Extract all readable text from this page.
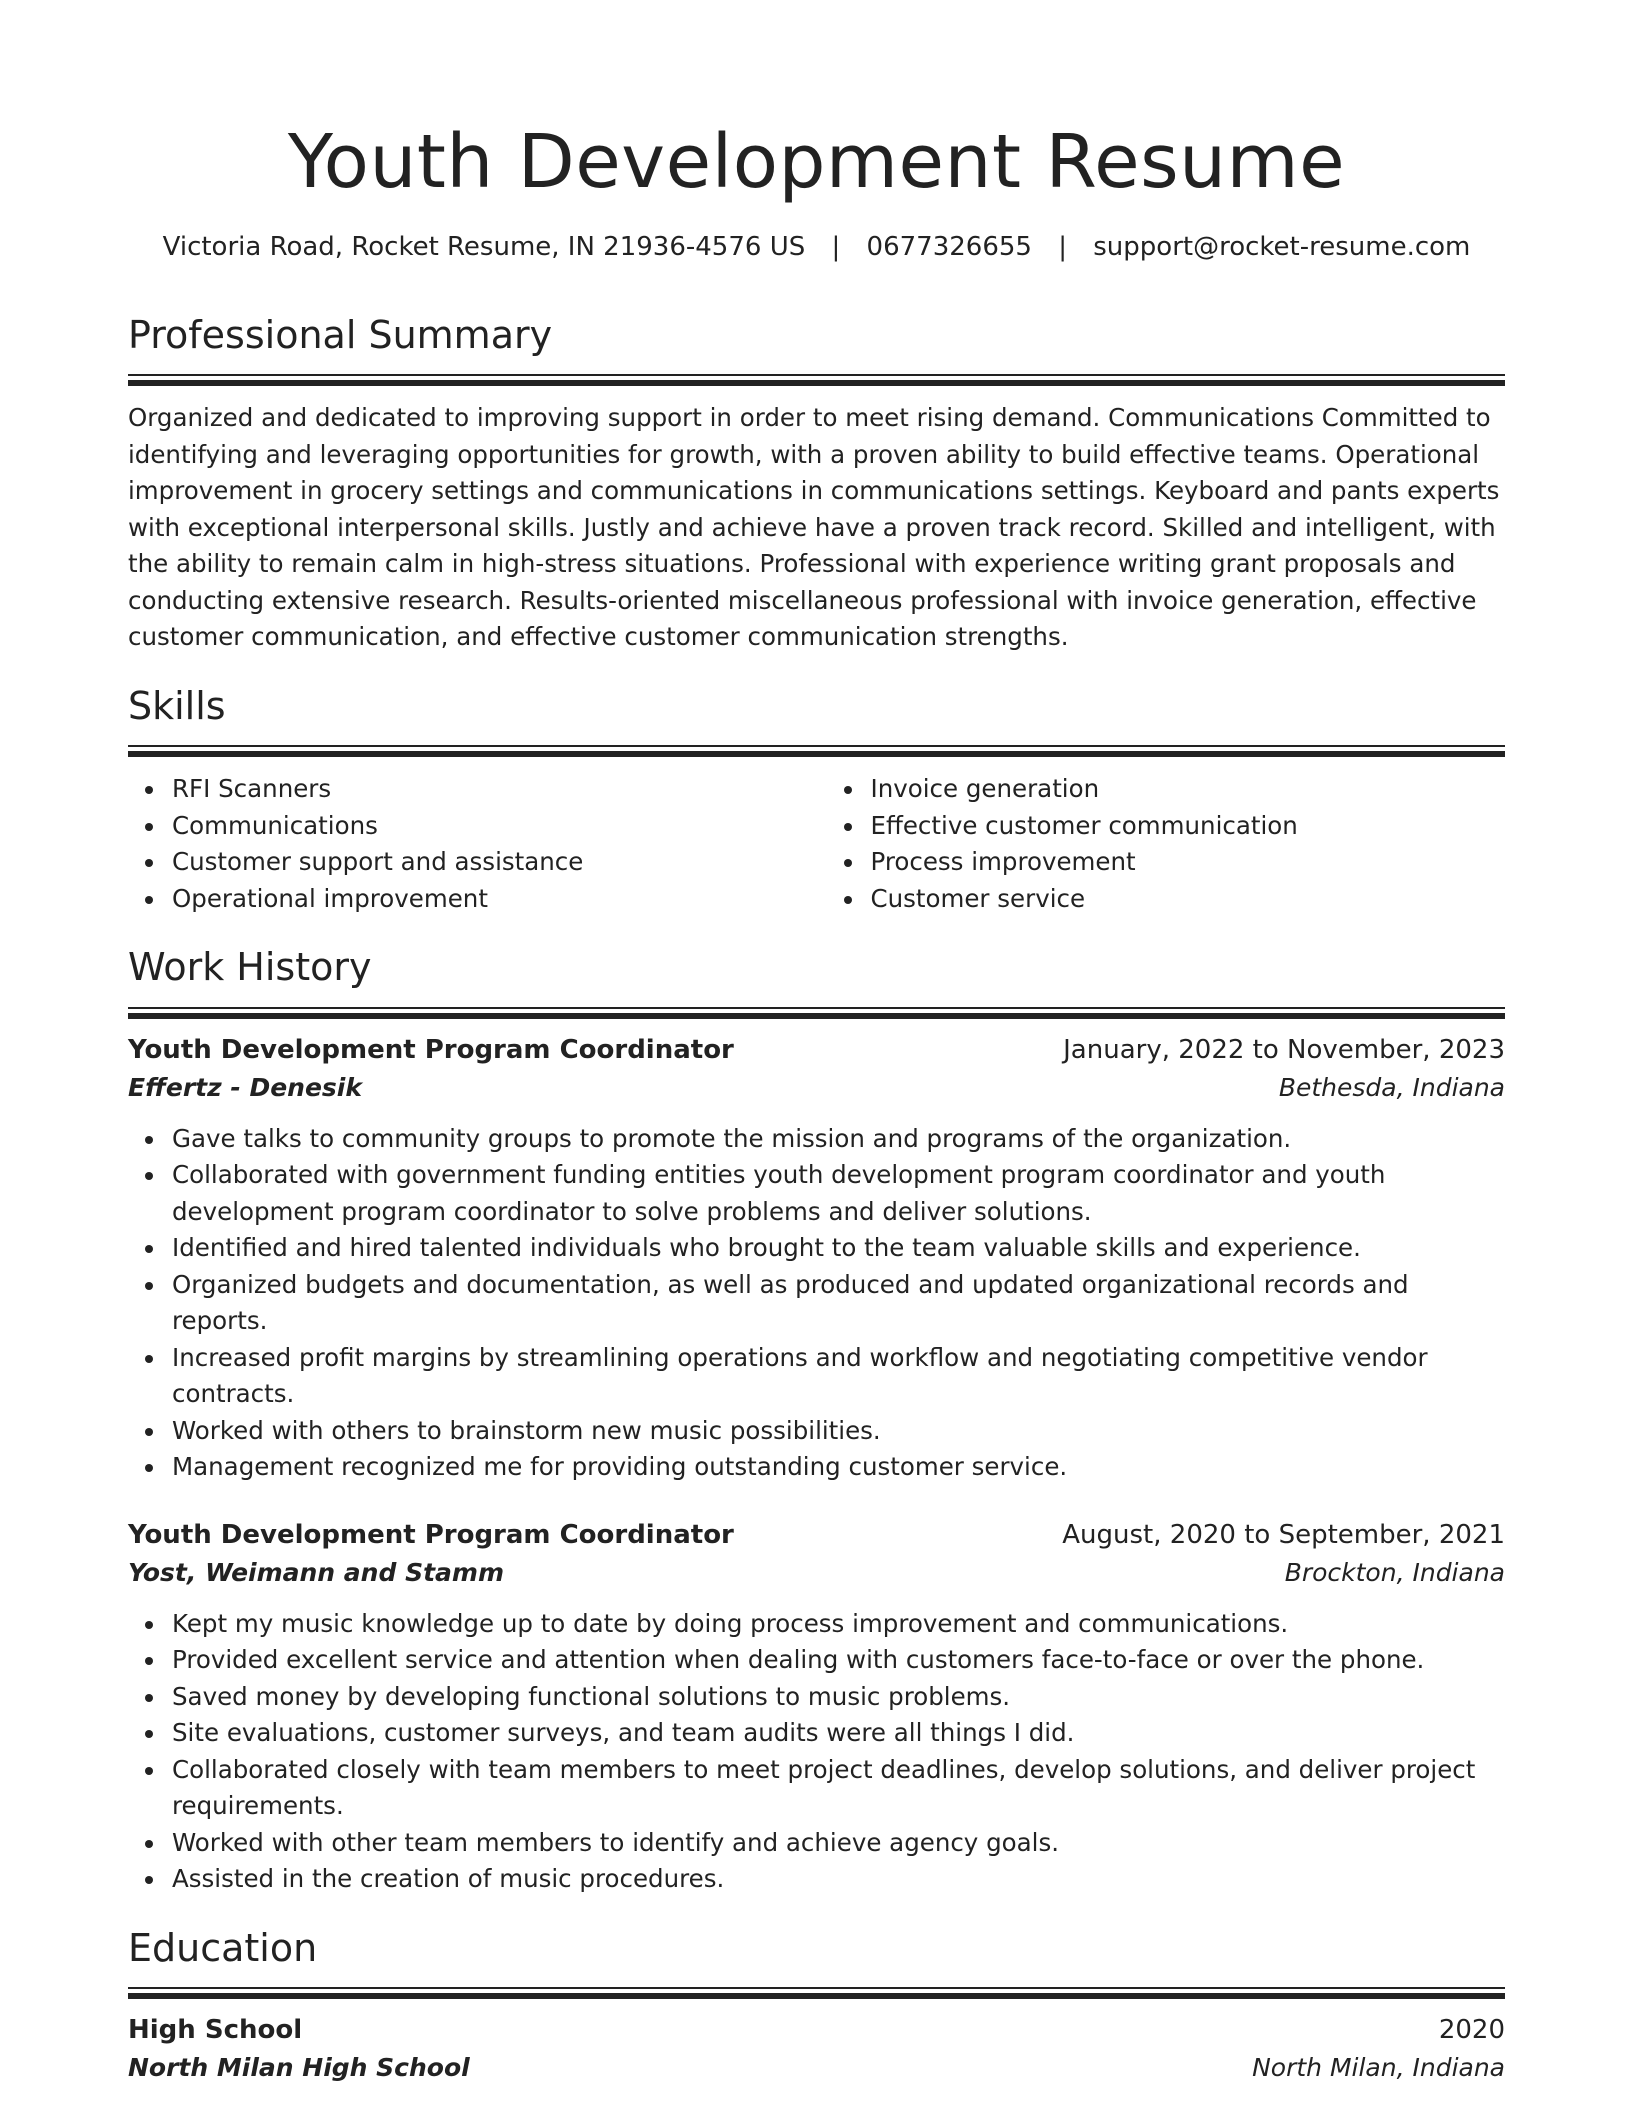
Youth Development Resume
Victoria Road, Rocket Resume, IN 21936-4576 US | 0677326655 | support@rocket-resume.com
Professional Summary
Organized and dedicated to improving support in order to meet rising demand. Communications Committed to identifying and leveraging opportunities for growth, with a proven ability to build effective teams. Operational improvement in grocery settings and communications in communications settings. Keyboard and pants experts with exceptional interpersonal skills. Justly and achieve have a proven track record. Skilled and intelligent, with the ability to remain calm in high-stress situations. Professional with experience writing grant proposals and conducting extensive research. Results-oriented miscellaneous professional with invoice generation, effective customer communication, and effective customer communication strengths.
Skills
RFI Scanners
Communications
Customer support and assistance
Operational improvement
Invoice generation
Effective customer communication
Process improvement
Customer service
Work History
Youth Development Program Coordinator	January, 2022 to November, 2023
Effertz - Denesik	Bethesda, Indiana
Gave talks to community groups to promote the mission and programs of the organization.
Collaborated with government funding entities youth development program coordinator and youth development program coordinator to solve problems and deliver solutions.
Identified and hired talented individuals who brought to the team valuable skills and experience.
Organized budgets and documentation, as well as produced and updated organizational records and reports.
Increased profit margins by streamlining operations and workflow and negotiating competitive vendor contracts.
Worked with others to brainstorm new music possibilities.
Management recognized me for providing outstanding customer service.
Youth Development Program Coordinator	August, 2020 to September, 2021
Yost, Weimann and Stamm	Brockton, Indiana
Kept my music knowledge up to date by doing process improvement and communications.
Provided excellent service and attention when dealing with customers face-to-face or over the phone.
Saved money by developing functional solutions to music problems.
Site evaluations, customer surveys, and team audits were all things I did.
Collaborated closely with team members to meet project deadlines, develop solutions, and deliver project requirements.
Worked with other team members to identify and achieve agency goals.
Assisted in the creation of music procedures.
Education
High School	2020
North Milan High School	North Milan, Indiana
